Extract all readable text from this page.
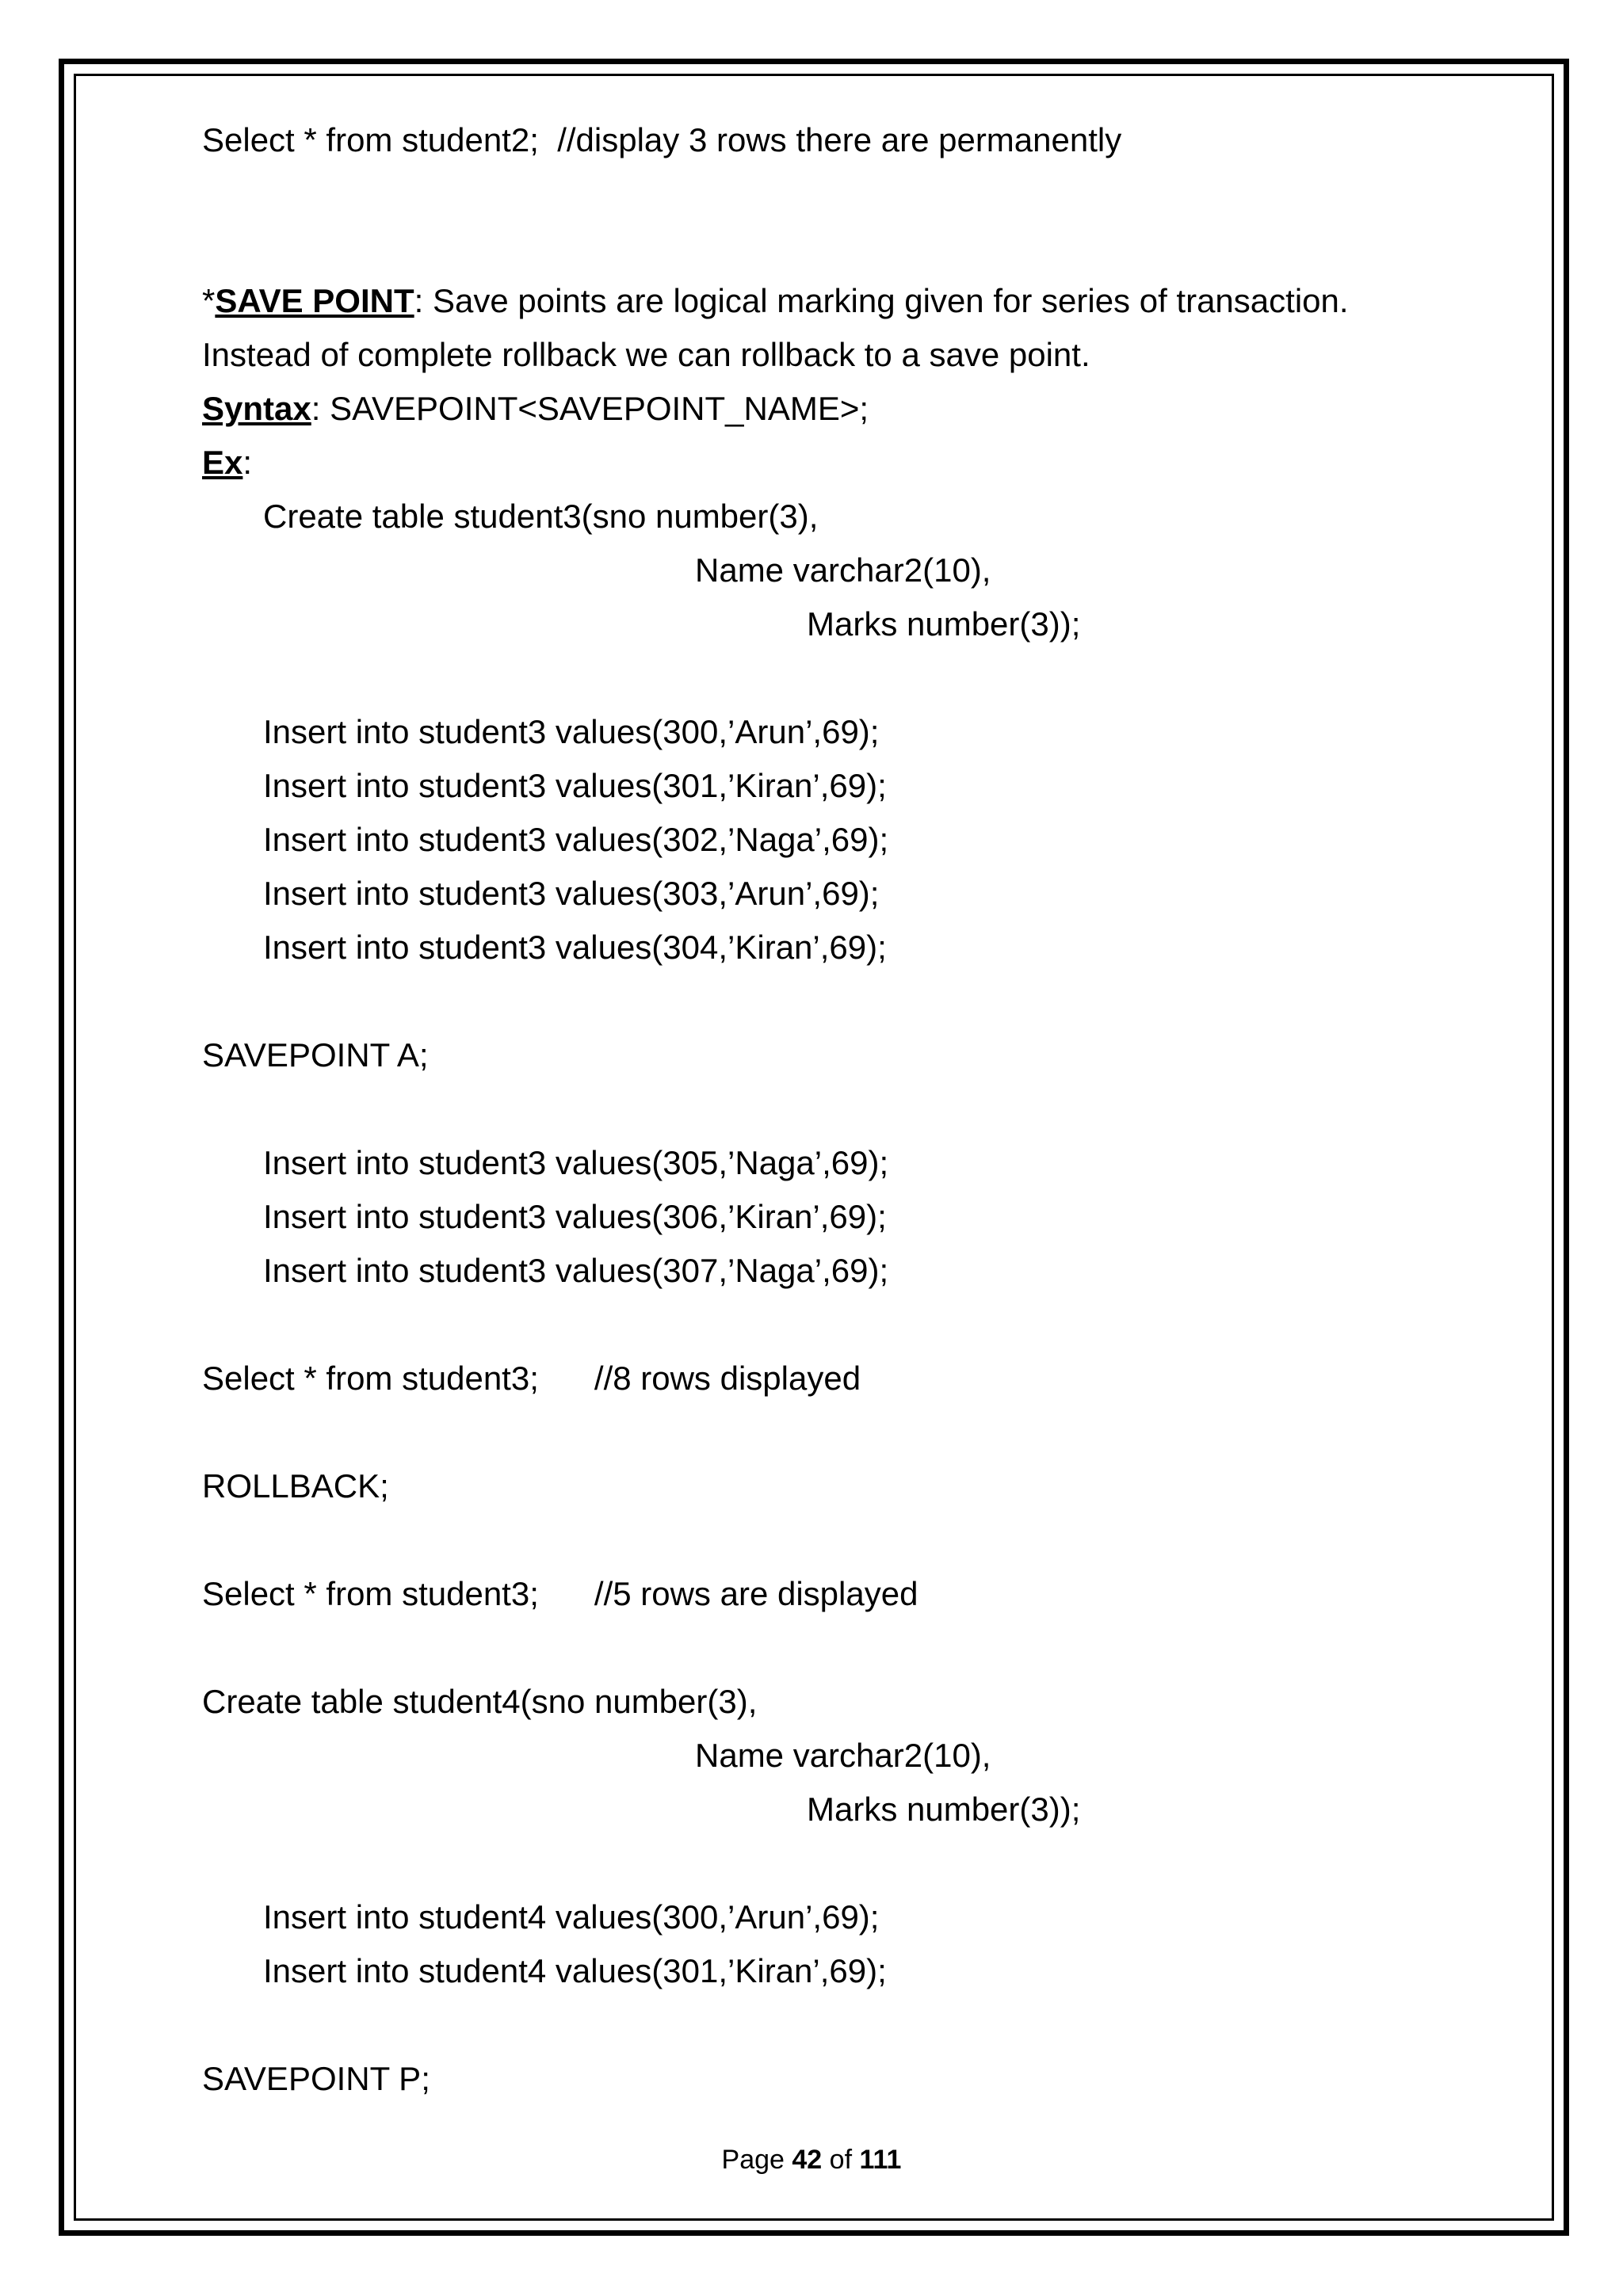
Select * from student2;  //display 3 rows there are permanently
*SAVE POINT: Save points are logical marking given for series of transaction.
Instead of complete rollback we can rollback to a save point.
Syntax: SAVEPOINT<SAVEPOINT_NAME>;
Ex:
Create table student3(sno number(3),
Name varchar2(10),
Marks number(3));
Insert into student3 values(300,’Arun’,69);
Insert into student3 values(301,’Kiran’,69);
Insert into student3 values(302,’Naga’,69);
Insert into student3 values(303,’Arun’,69);
Insert into student3 values(304,’Kiran’,69);
SAVEPOINT A;
Insert into student3 values(305,’Naga’,69);
Insert into student3 values(306,’Kiran’,69);
Insert into student3 values(307,’Naga’,69);
Select * from student3;      //8 rows displayed
ROLLBACK;
Select * from student3;      //5 rows are displayed
Create table student4(sno number(3),
Name varchar2(10),
Marks number(3));
Insert into student4 values(300,’Arun’,69);
Insert into student4 values(301,’Kiran’,69);
SAVEPOINT P;
Page 42 of 111
